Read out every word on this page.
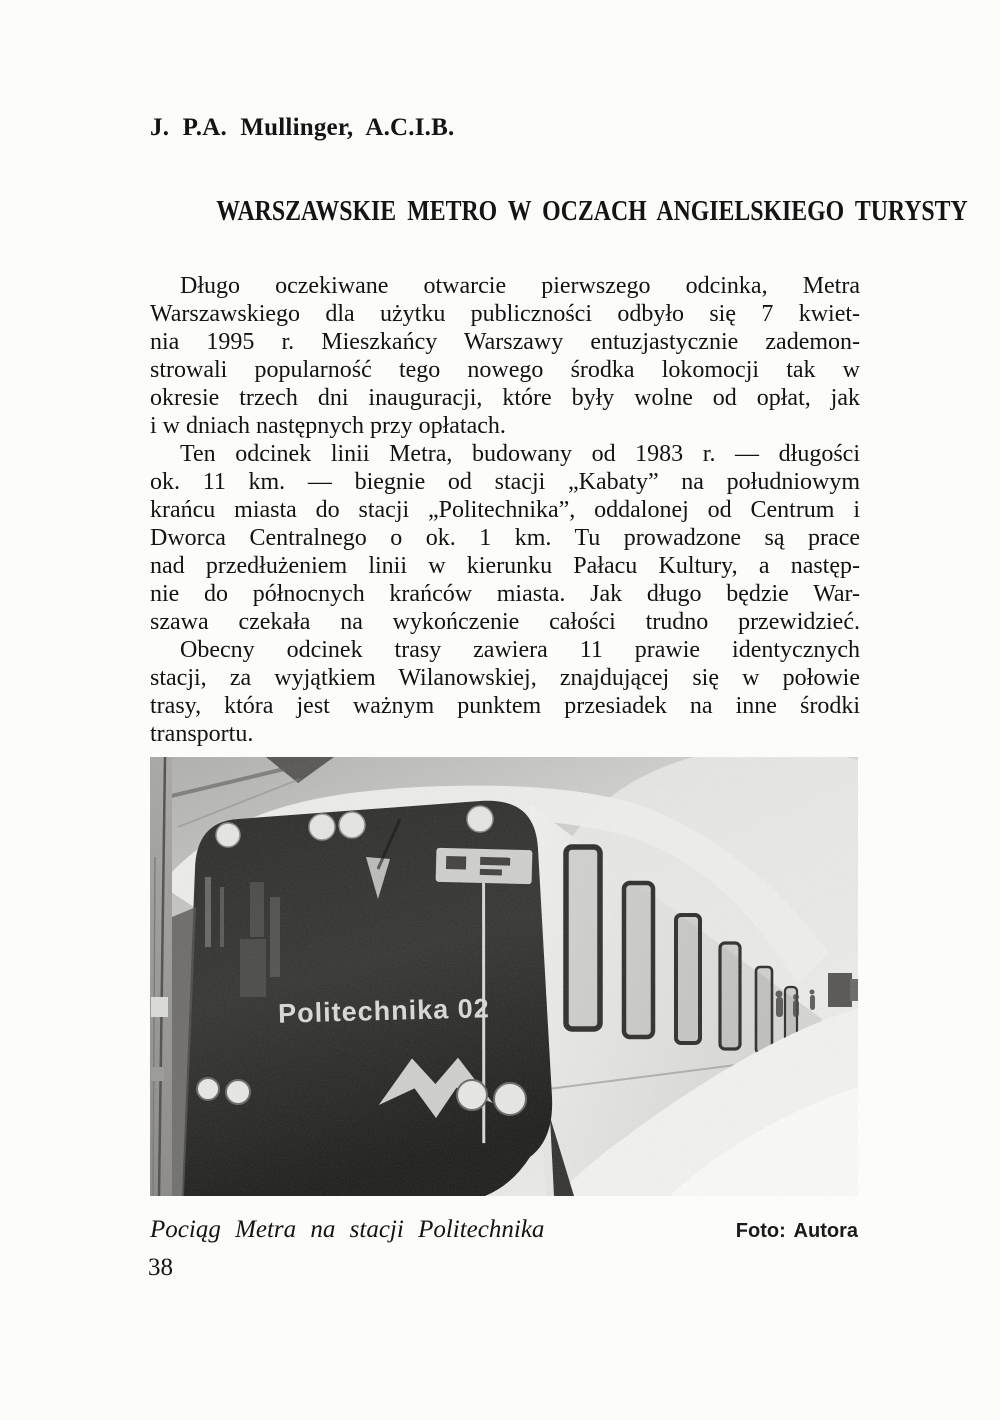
J. P.A. Mullinger, A.C.I.B.
WARSZAWSKIE METRO W OCZACH ANGIELSKIEGO TURYSTY
Długo oczekiwane otwarcie pierwszego odcinka, Metra
Warszawskiego dla użytku publiczności odbyło się 7 kwiet-
nia 1995 r. Mieszkańcy Warszawy entuzjastycznie zademon-
strowali popularność tego nowego środka lokomocji tak w
okresie trzech dni inauguracji, które były wolne od opłat, jak
i w dniach następnych przy opłatach.
Ten odcinek linii Metra, budowany od 1983 r. — długości
ok. 11 km. — biegnie od stacji „Kabaty” na południowym
krańcu miasta do stacji „Politechnika”, oddalonej od Centrum i
Dworca Centralnego o ok. 1 km. Tu prowadzone są prace
nad przedłużeniem linii w kierunku Pałacu Kultury, a następ-
nie do północnych krańców miasta. Jak długo będzie War-
szawa czekała na wykończenie całości trudno przewidzieć.
Obecny odcinek trasy zawiera 11 prawie identycznych
stacji, za wyjątkiem Wilanowskiej, znajdującej się w połowie
trasy, która jest ważnym punktem przesiadek na inne środki
transportu.
Politechnika 02
Pociąg Metra na stacji Politechnika	Foto: Autora
38
